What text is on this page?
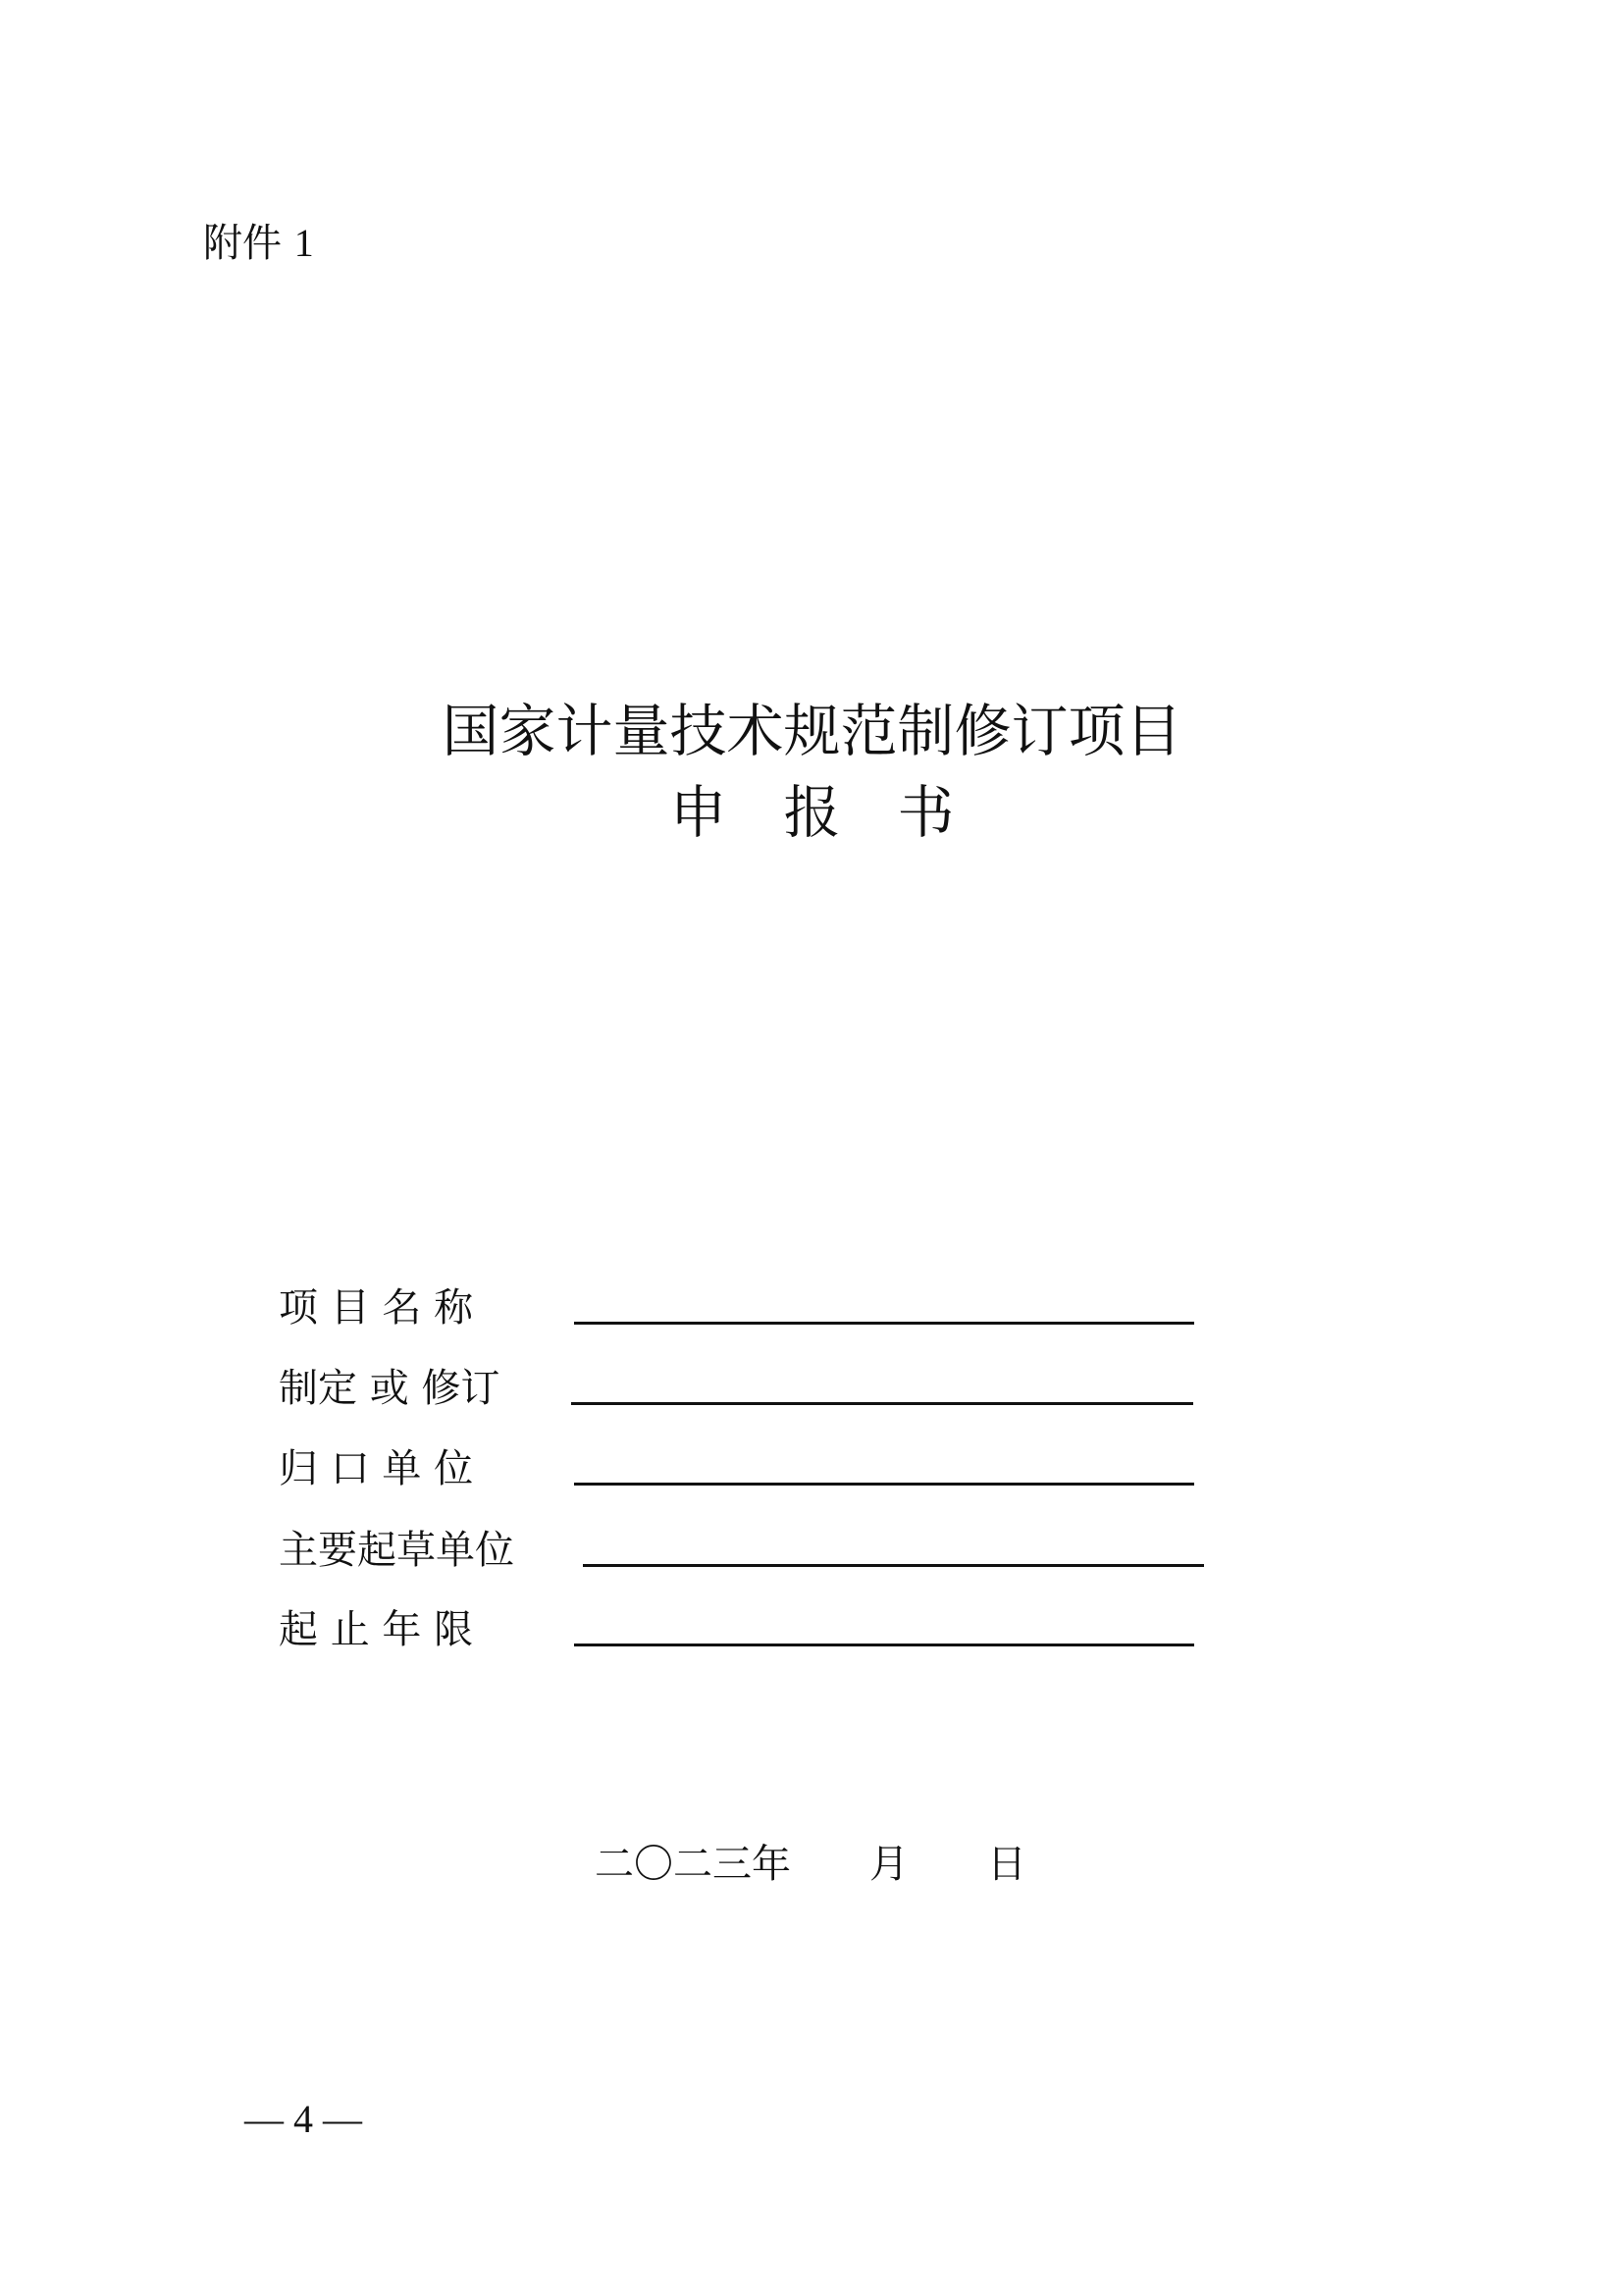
附件 1
国家计量技术规范制修订项目
申　报　书
项 目 名 称
制定 或 修订
归 口 单 位
主要起草单位
起 止 年 限
二〇二三年　　月　　日
— 4 —
